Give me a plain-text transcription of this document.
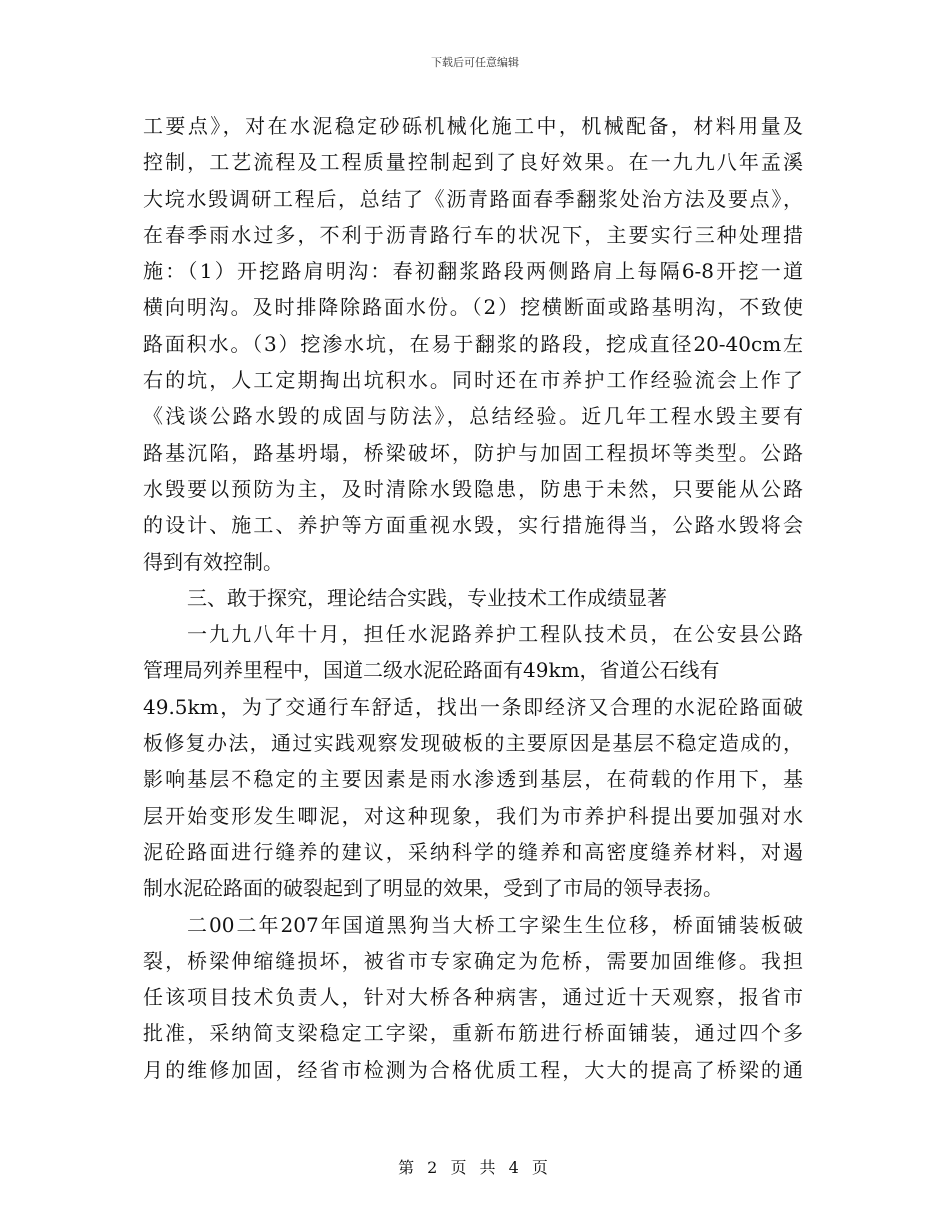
下载后可任意编辑
工要点》，对在水泥稳定砂砾机械化施工中，机械配备，材料用量及
控制，工艺流程及工程质量控制起到了良好效果。在一九九八年孟溪
大垸水毁调研工程后，总结了《沥青路面春季翻浆处治方法及要点》，
在春季雨水过多，不利于沥青路行车的状况下，主要实行三种处理措
施：（1）开挖路肩明沟：春初翻浆路段两侧路肩上每隔6-8开挖一道
横向明沟。及时排降除路面水份。（2）挖横断面或路基明沟，不致使
路面积水。（3）挖渗水坑，在易于翻浆的路段，挖成直径20-40cm左
右的坑，人工定期掏出坑积水。同时还在市养护工作经验流会上作了
《浅谈公路水毁的成固与防法》，总结经验。近几年工程水毁主要有
路基沉陷，路基坍塌，桥梁破坏，防护与加固工程损坏等类型。公路
水毁要以预防为主，及时清除水毁隐患，防患于未然，只要能从公路
的设计、施工、养护等方面重视水毁，实行措施得当，公路水毁将会
得到有效控制。
三、敢于探究，理论结合实践，专业技术工作成绩显著
一九九八年十月，担任水泥路养护工程队技术员，在公安县公路
管理局列养里程中，国道二级水泥砼路面有49km，省道公石线有
49.5km，为了交通行车舒适，找出一条即经济又合理的水泥砼路面破
板修复办法，通过实践观察发现破板的主要原因是基层不稳定造成的，
影响基层不稳定的主要因素是雨水渗透到基层，在荷载的作用下，基
层开始变形发生唧泥，对这种现象，我们为市养护科提出要加强对水
泥砼路面进行缝养的建议，采纳科学的缝养和高密度缝养材料，对遏
制水泥砼路面的破裂起到了明显的效果，受到了市局的领导表扬。
二00二年207年国道黑狗当大桥工字梁生生位移，桥面铺装板破
裂，桥梁伸缩缝损坏，被省市专家确定为危桥，需要加固维修。我担
任该项目技术负责人，针对大桥各种病害，通过近十天观察，报省市
批准，采纳简支梁稳定工字梁，重新布筋进行桥面铺装，通过四个多
月的维修加固，经省市检测为合格优质工程，大大的提高了桥梁的通
第 2 页 共 4 页
